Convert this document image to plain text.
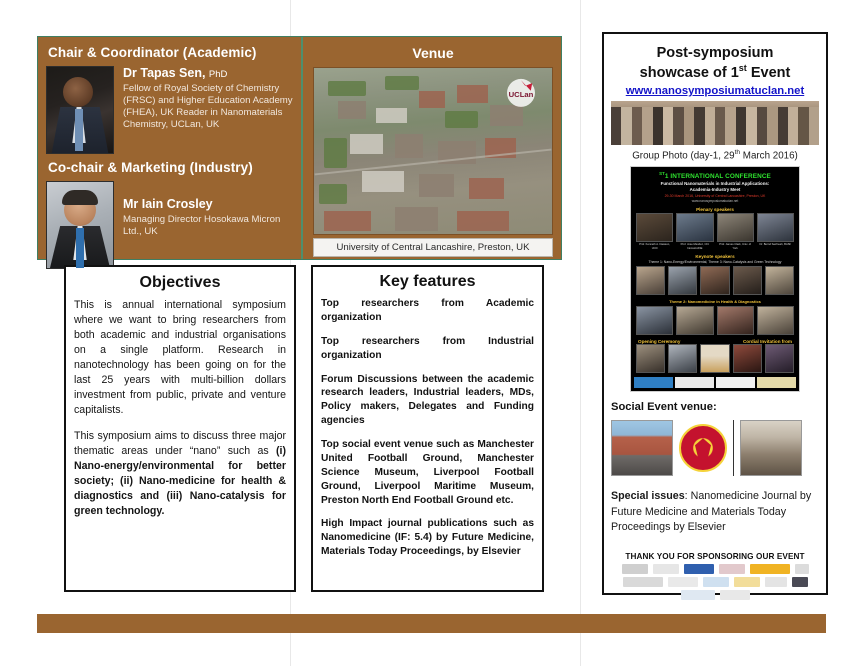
Chair & Coordinator (Academic)
Dr Tapas Sen, PhD
Fellow of Royal Society of Chemistry (FRSC) and Higher Education Academy (FHEA), UK Reader in Nanomaterials Chemistry, UCLan, UK
Co-chair & Marketing (Industry)
Mr Iain Crosley
Managing Director Hosokawa Micron Ltd., UK
Venue
UCLan
University of Central Lancashire, Preston, UK
Objectives

This is annual international symposium where we want to bring researchers from both academic and industrial organisations on a single platform. Research in nanotechnology has been going on for the last 25 years with multi-billion dollars investment from public, private and venture capitalists.

This symposium aims to discuss three major thematic areas under “nano” such as (i) Nano-energy/environmental for better society; (ii) Nano-medicine for health & diagnostics and (iii) Nano-catalysis for green technology.

Key features

Top researchers from Academic organization

Top researchers from Industrial organization

Forum Discussions between the academic research leaders, Industrial leaders, MDs, Policy makers, Delegates and Funding agencies

Top social event venue such as Manchester United Football Ground, Manchester Science Museum, Liverpool Football Ground, Liverpool Maritime Museum, Preston North End Football Ground etc.

High Impact journal publications such as Nanomedicine (IF: 5.4) by Future Medicine, Materials Today Proceedings, by Elsevier

Post-symposium
showcase of 1st Event
www.nanosymposiumatuclan.net
Group Photo (day-1, 29th March 2016)
$^{ST}$1 INTERNATIONAL CONFERENCE
Functional Nanomaterials in Industrial Applications:
Academia-Industry Meet
29-30 March 2016, University of Central Lancashire, Preston, UK
www.nanosymposiumatuclan.net
Plenary speakers
Prof. Kenneth A. Dawson, UCD
Prof. Jose Mendez, CIC biomaGUNE
Prof. James Clark, Univ. of York
Dr. Bernd Sachweh, BASF
Keynote speakers
Theme 1: Nano-Energy/Environmental, Theme 3: Nano-Catalysis and Green Technology
Theme 2: Nanomedicine in Health & Diagnostics
Opening Ceremony	Cordial Invitation from
Social Event venue:

Special issues: Nanomedicine Journal by Future Medicine and Materials Today Proceedings by Elsevier

THANK YOU FOR SPONSORING OUR EVENT
